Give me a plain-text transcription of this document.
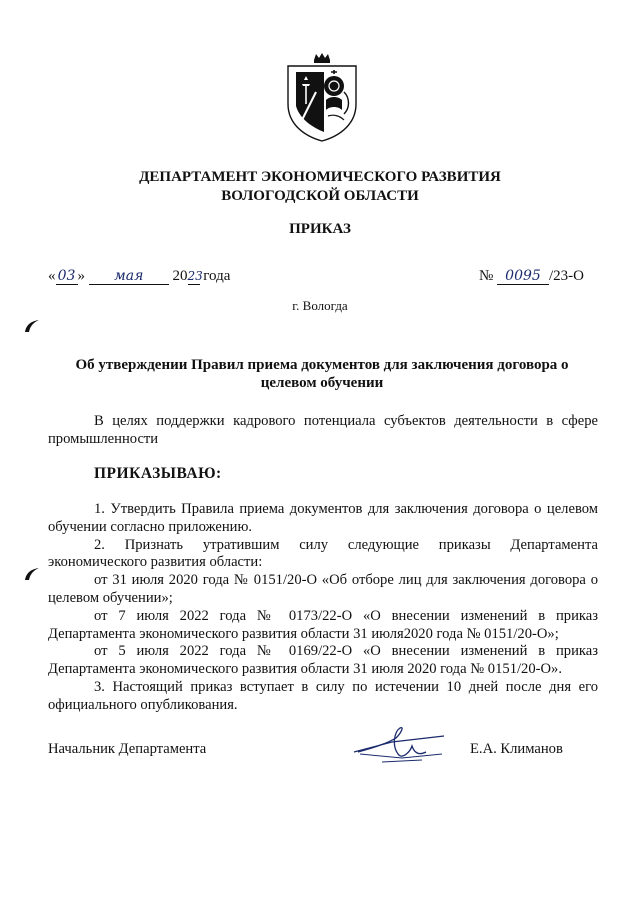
ДЕПАРТАМЕНТ ЭКОНОМИЧЕСКОГО РАЗВИТИЯ
ВОЛОГОДСКОЙ ОБЛАСТИ
ПРИКАЗ
« 03 » мая 2023 года	№ 0095 /23-О
г. Вологда
Об утверждении Правил приема документов для заключения договора о
целевом обучении

В целях поддержки кадрового потенциала субъектов деятельности в сфере промышленности

ПРИКАЗЫВАЮ:

1. Утвердить Правила приема документов для заключения договора о целевом обучении согласно приложению.

2. Признать утратившим силу следующие приказы Департамента экономического развития области:

от 31 июля 2020 года № 0151/20-О «Об отборе лиц для заключения договора о целевом обучении»;

от 7 июля 2022 года № 0173/22-О «О внесении изменений в приказ Департамента экономического развития области 31 июля2020 года № 0151/20-О»;

от 5 июля 2022 года № 0169/22-О «О внесении изменений в приказ Департамента экономического развития области 31 июля 2020 года № 0151/20-О».

3. Настоящий приказ вступает в силу по истечении 10 дней после дня его официального опубликования.

Начальник Департамента	Е.А. Климанов
